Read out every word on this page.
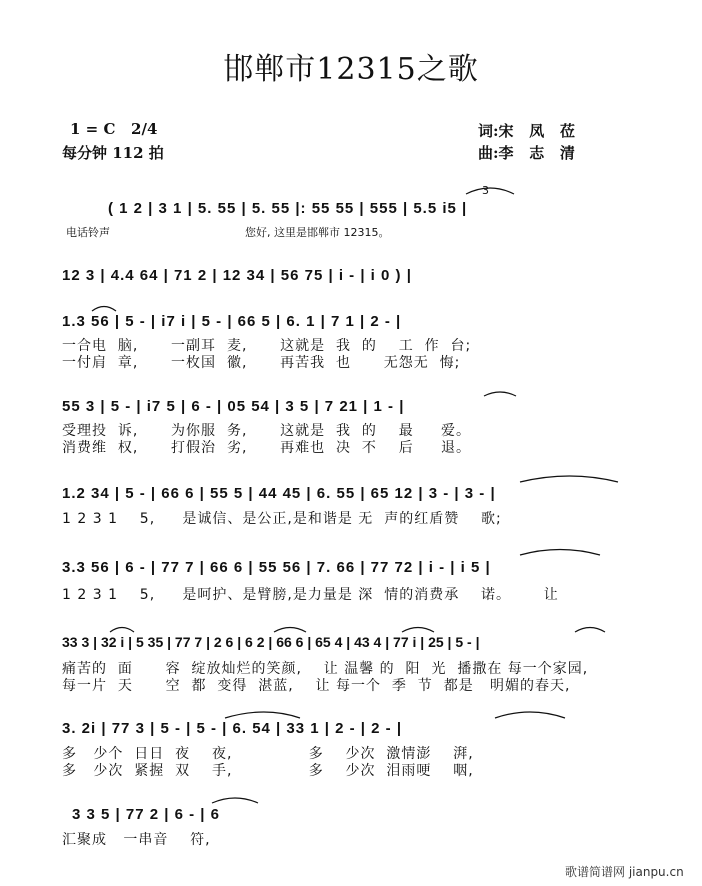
邯郸市12315之歌
1 = C   2/4
每分钟 112 拍
词:宋   凤   莅
曲:李   志   清
( 1 2 | 3 1 | 5. 55 | 5. 55 |: 55 55 | 555 | 5.5 i5 |
3
电话铃声	您好, 这里是邯郸市 12315。
12 3 | 4.4 64 | 71 2 | 12 34 | 56 75 | i - | i 0 ) |
1.3 56 | 5 - | i7 i | 5 - | 66 5 | 6. 1 | 7 1 | 2 - |
一合电  脑,      一副耳  麦,      这就是  我  的    工  作  台;
一付肩  章,      一枚国  徽,      再苦我  也      无怨无  悔;
55 3 | 5 - | i7 5 | 6 - | 05 54 | 3 5 | 7 21 | 1 - |
受理投  诉,      为你服  务,      这就是  我  的    最     爱。
消费维  权,      打假治  劣,      再难也  决  不    后     退。
1.2 34 | 5 - | 66 6 | 55 5 | 44 45 | 6. 55 | 65 12 | 3 - | 3 - |
1 2 3 1    5,     是诚信、是公正,是和谐是 无  声的红盾赞    歌;
3.3 56 | 6 - | 77 7 | 66 6 | 55 56 | 7. 66 | 77 72 | i - | i 5 |
1 2 3 1    5,     是呵护、是臂膀,是力量是 深  情的消费承    诺。      让
33 3 | 32 i | 5 35 | 77 7 | 2 6 | 6 2 | 66 6 | 65 4 | 43 4 | 77 i | 25 | 5 - |
痛苦的  面      容  绽放灿烂的笑颜,    让 温馨 的  阳  光  播撒在 每一个家园,
每一片  天      空  都  变得  湛蓝,    让 每一个  季  节  都是   明媚的春天,
3. 2i | 77 3 | 5 - | 5 - | 6. 54 | 33 1 | 2 - | 2 - |
多   少个  日日  夜    夜,              多    少次  激情澎    湃,
多   少次  紧握  双    手,              多    少次  泪雨哽    咽,
3 3 5 | 77 2 | 6 - | 6
汇聚成   一串音    符,
歌谱简谱网 jianpu.cn
